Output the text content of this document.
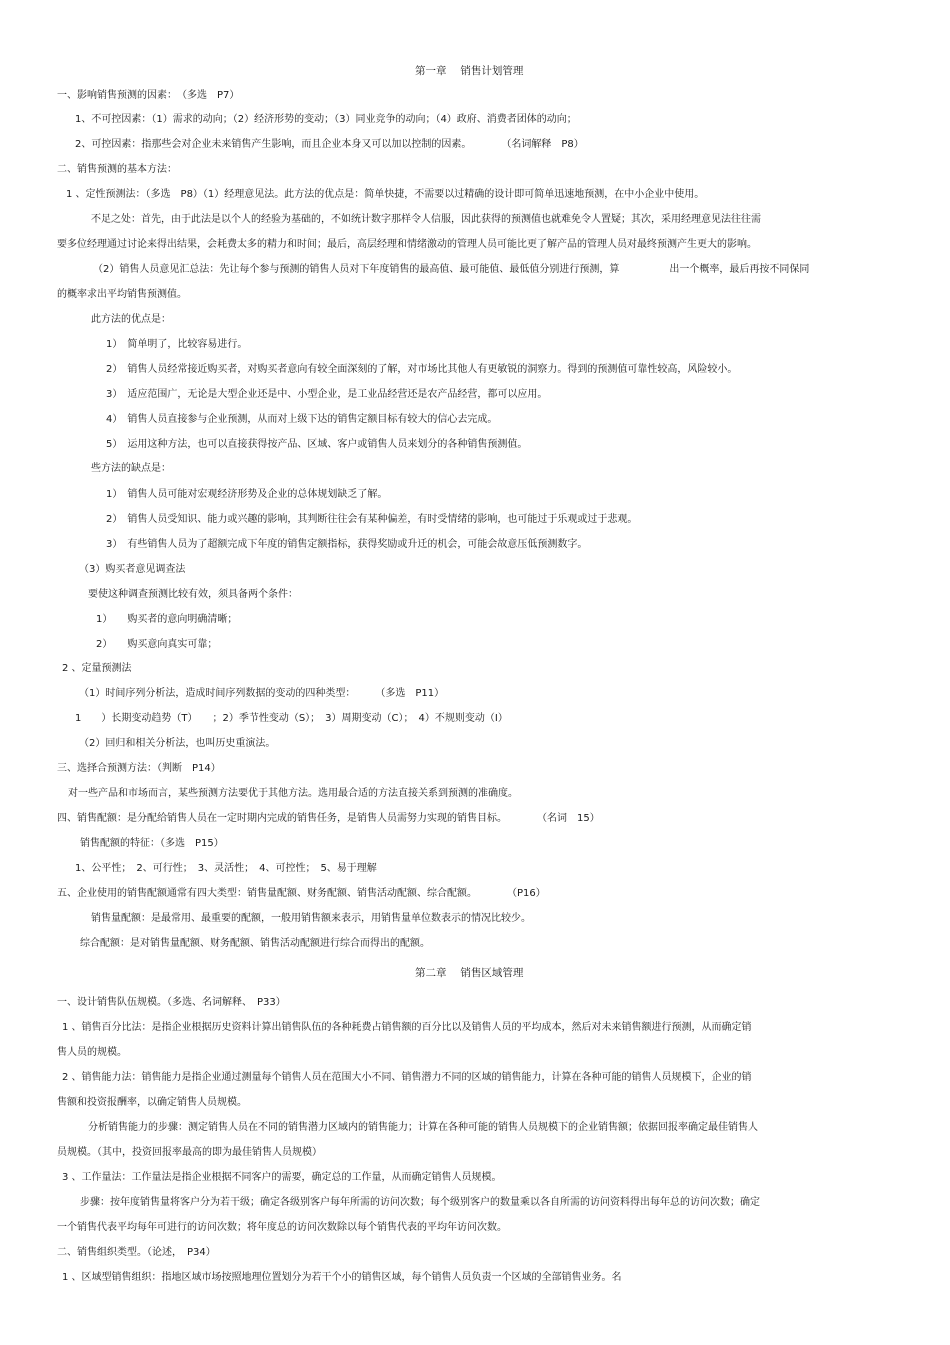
第一章　 销售计划管理
一、影响销售预测的因素：　（多选　P7）
1、不可控因素：（1）需求的动向；（2）经济形势的变动；（3）同业竞争的动向；（4）政府、消费者团体的动向；
2、可控因素：指那些会对企业未来销售产生影响，而且企业本身又可以加以控制的因素。　　　　（名词解释　P8）
二、销售预测的基本方法：
1 、定性预测法：（多选　P8）（1）经理意见法。此方法的优点是：简单快捷，不需要以过精确的设计即可简单迅速地预测，在中小企业中使用。
不足之处：首先，由于此法是以个人的经验为基础的，不如统计数字那样令人信服，因此获得的预测值也就难免令人置疑；其次，采用经理意见法往往需
要多位经理通过讨论来得出结果，会耗费太多的精力和时间；最后，高层经理和情绪激动的管理人员可能比更了解产品的管理人员对最终预测产生更大的影响。
（2）销售人员意见汇总法：先让每个参与预测的销售人员对下年度销售的最高值、最可能值、最低值分别进行预测，算　　　　　出一个概率，最后再按不同保同
的概率求出平均销售预测值。
此方法的优点是：
1）　简单明了，比较容易进行。
2）　销售人员经常接近购买者，对购买者意向有较全面深刻的了解，对市场比其他人有更敏锐的洞察力。得到的预测值可靠性较高，风险较小。
3）　适应范围广，无论是大型企业还是中、小型企业，是工业品经营还是农产品经营，都可以应用。
4）　销售人员直接参与企业预测，从而对上级下达的销售定额目标有较大的信心去完成。
5）　运用这种方法，也可以直接获得按产品、区域、客户或销售人员来划分的各种销售预测值。
些方法的缺点是：
1）　销售人员可能对宏观经济形势及企业的总体规划缺乏了解。
2）　销售人员受知识、能力或兴趣的影响，其判断往往会有某种偏差，有时受情绪的影响，也可能过于乐观或过于悲观。
3）　有些销售人员为了超额完成下年度的销售定额指标，获得奖励或升迁的机会，可能会故意压低预测数字。
（3）购买者意见调查法
要使这种调查预测比较有效，须具备两个条件：
1）　　购买者的意向明确清晰；
2）　　购买意向真实可靠；
2 、定量预测法
（1）时间序列分析法，造成时间序列数据的变动的四种类型：　　　（多选　P11）
1　　）长期变动趋势（T）　　；2）季节性变动（S）；　3）周期变动（C）；　4）不规则变动（I）
（2）回归和相关分析法，也叫历史重演法。
三、选择合预测方法：（判断　P14）
对一些产品和市场而言，某些预测方法要优于其他方法。选用最合适的方法直接关系到预测的准确度。
四、销售配额：是分配给销售人员在一定时期内完成的销售任务，是销售人员需努力实现的销售目标。　　　　（名词　15）
销售配额的特征：（多选　P15）
1、公平性；　2、可行性；　3、灵活性；　4、可控性；　5、易于理解
五、企业使用的销售配额通常有四大类型：销售量配额、财务配额、销售活动配额、综合配额。　　　　（P16）
销售量配额：是最常用、最重要的配额，一般用销售额来表示，用销售量单位数表示的情况比较少。
综合配额：是对销售量配额、财务配额、销售活动配额进行综合而得出的配额。
第二章　 销售区域管理
一、设计销售队伍规模。（多选、名词解释、　P33）
1 、销售百分比法：是指企业根据历史资料计算出销售队伍的各种耗费占销售额的百分比以及销售人员的平均成本，然后对未来销售额进行预测，从而确定销
售人员的规模。
2 、销售能力法：销售能力是指企业通过测量每个销售人员在范围大小不同、销售潜力不同的区域的销售能力，计算在各种可能的销售人员规模下，企业的销
售额和投资报酬率，以确定销售人员规模。
分析销售能力的步骤：测定销售人员在不同的销售潜力区域内的销售能力；计算在各种可能的销售人员规模下的企业销售额；依据回报率确定最佳销售人
员规模。（其中，投资回报率最高的即为最佳销售人员规模）
3 、工作量法：工作量法是指企业根据不同客户的需要，确定总的工作量，从而确定销售人员规模。
步骤：按年度销售量将客户分为若干级；确定各级别客户每年所需的访问次数；每个级别客户的数量乘以各自所需的访问资料得出每年总的访问次数；确定
一个销售代表平均每年可进行的访问次数；将年度总的访问次数除以每个销售代表的平均年访问次数。
二、销售组织类型。（论述，　P34）
1 、区域型销售组织：指地区域市场按照地理位置划分为若干个小的销售区域，每个销售人员负责一个区域的全部销售业务。名
